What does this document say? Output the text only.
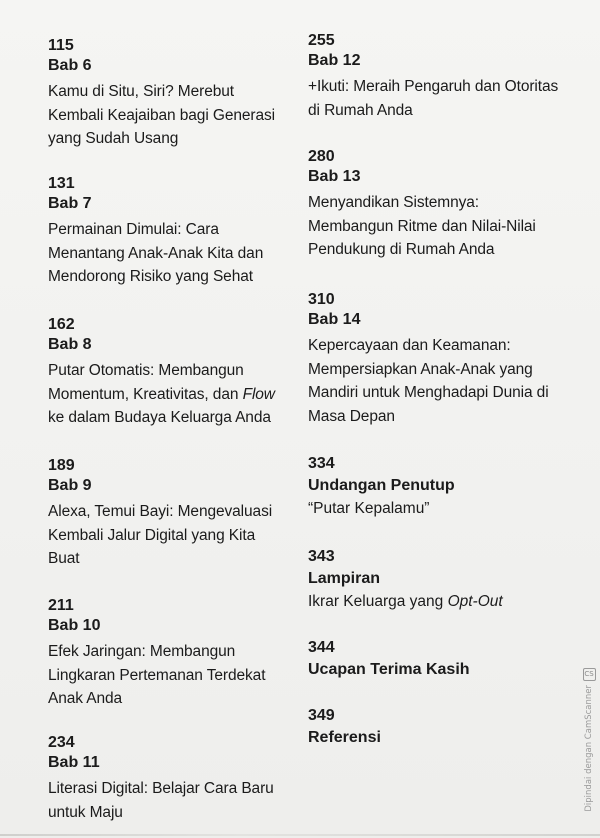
115

Bab 6

Kamu di Situ, Siri? Merebut
Kembali Keajaiban bagi Generasi
yang Sudah Usang

131

Bab 7

Permainan Dimulai: Cara
Menantang Anak-Anak Kita dan
Mendorong Risiko yang Sehat

162

Bab 8

Putar Otomatis: Membangun
Momentum, Kreativitas, dan Flow
ke dalam Budaya Keluarga Anda

189

Bab 9

Alexa, Temui Bayi: Mengevaluasi
Kembali Jalur Digital yang Kita
Buat

211

Bab 10

Efek Jaringan: Membangun
Lingkaran Pertemanan Terdekat
Anak Anda

234

Bab 11

Literasi Digital: Belajar Cara Baru
untuk Maju

255

Bab 12

+Ikuti: Meraih Pengaruh dan Otoritas
di Rumah Anda

280

Bab 13

Menyandikan Sistemnya:
Membangun Ritme dan Nilai-Nilai
Pendukung di Rumah Anda

310

Bab 14

Kepercayaan dan Keamanan:
Mempersiapkan Anak-Anak yang
Mandiri untuk Menghadapi Dunia di
Masa Depan

334

Undangan Penutup

“Putar Kepalamu”

343

Lampiran

Ikrar Keluarga yang Opt-Out

344

Ucapan Terima Kasih

349

Referensi

CS
Dipindai dengan CamScanner
